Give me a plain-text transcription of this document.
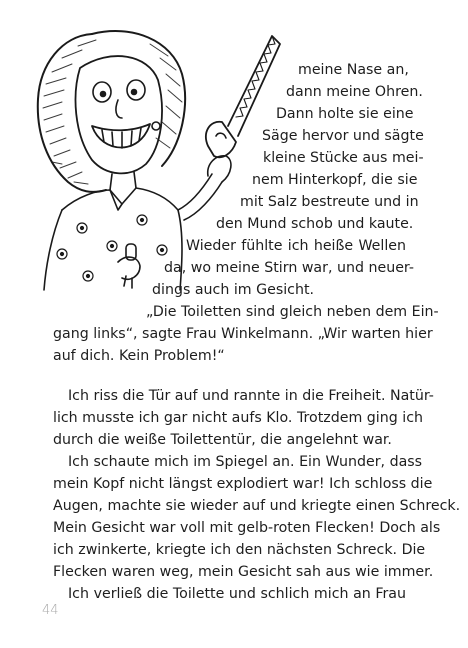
meine Nase an,
dann meine Ohren.
Dann holte sie eine
Säge hervor und sägte
kleine Stücke aus mei-
nem Hinterkopf, die sie
mit Salz bestreute und in
den Mund schob und kaute.
Wieder fühlte ich heiße Wellen
da, wo meine Stirn war, und neuer-
dings auch im Gesicht.
„Die Toiletten sind gleich neben dem Ein-
gang links“, sagte Frau Winkelmann. „Wir warten hier
auf dich. Kein Problem!“
Ich riss die Tür auf und rannte in die Freiheit. Natür-
lich musste ich gar nicht aufs Klo. Trotzdem ging ich
durch die weiße Toilettentür, die angelehnt war.
Ich schaute mich im Spiegel an. Ein Wunder, dass
mein Kopf nicht längst explodiert war! Ich schloss die
Augen, machte sie wieder auf und kriegte einen Schreck.
Mein Gesicht war voll mit gelb-roten Flecken! Doch als
ich zwinkerte, kriegte ich den nächsten Schreck. Die
Flecken waren weg, mein Gesicht sah aus wie immer.
Ich verließ die Toilette und schlich mich an Frau
44
